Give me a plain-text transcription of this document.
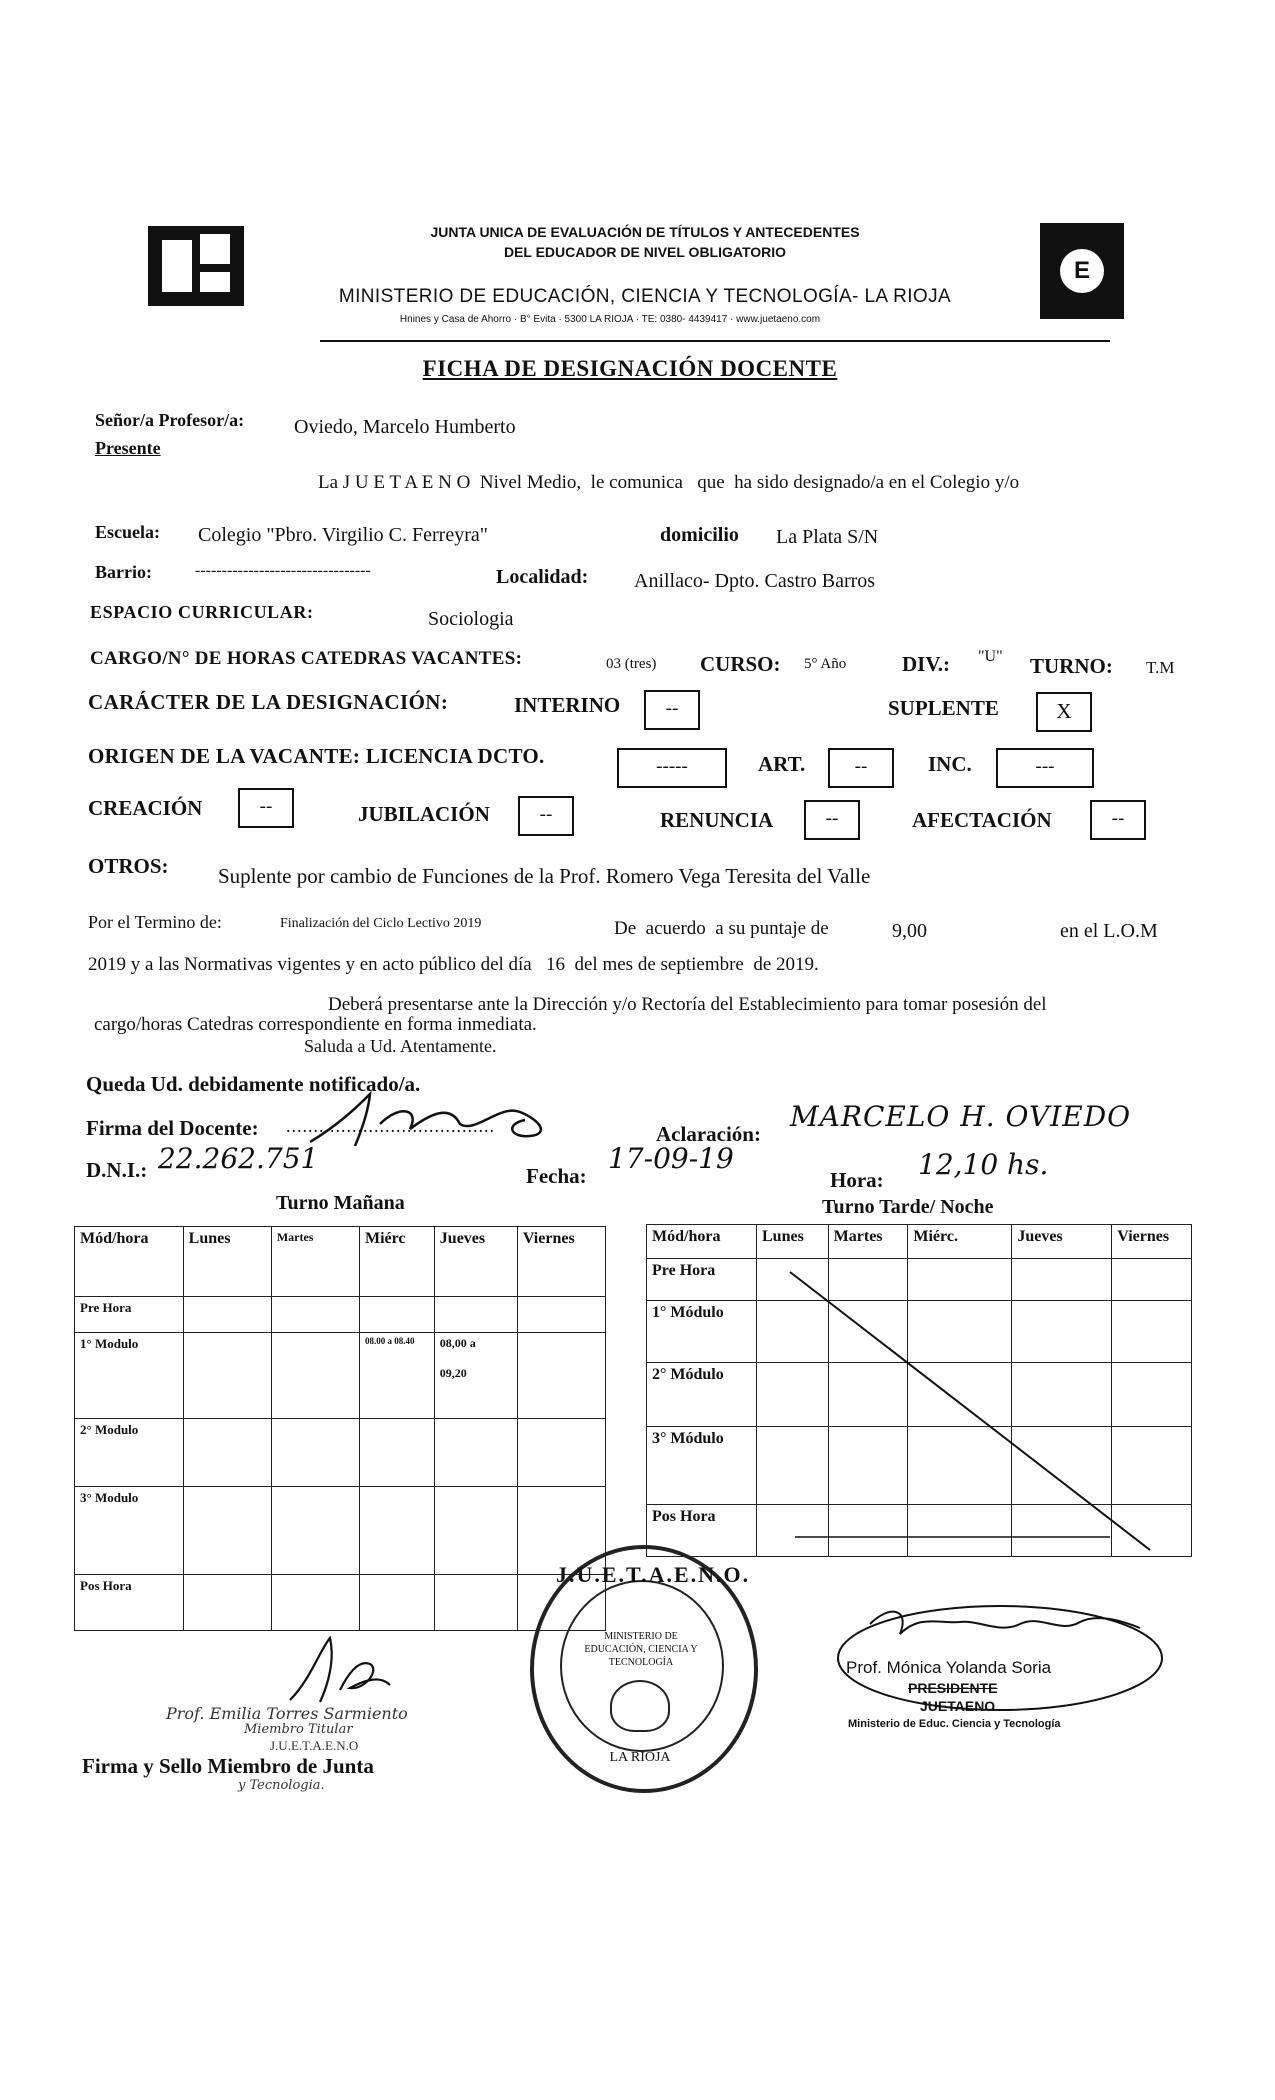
JUNTA UNICA DE EVALUACIÓN DE TÍTULOS Y ANTECEDENTES
DEL EDUCADOR DE NIVEL OBLIGATORIO
MINISTERIO DE EDUCACIÓN, CIENCIA Y TECNOLOGÍA- LA RIOJA
Hnines y Casa de Ahorro · B° Evita · 5300 LA RIOJA · TE: 0380- 4439417 · www.juetaeno.com
E
FICHA DE DESIGNACIÓN DOCENTE
Señor/a Profesor/a: Oviedo, Marcelo Humberto
Presente
La J U E T A E N O  Nivel Medio,  le comunica   que  ha sido designado/a en el Colegio y/o
Escuela: Colegio "Pbro. Virgilio C. Ferreyra"	domicilio La Plata S/N
Barrio:	---------------------------------	Localidad: Anillaco- Dpto. Castro Barros
ESPACIO CURRICULAR:	Sociologia
CARGO/N° DE HORAS CATEDRAS VACANTES:	03 (tres) CURSO: 5° Año	DIV.: "U" TURNO: T.M
CARÁCTER DE LA DESIGNACIÓN:	INTERINO	--	SUPLENTE	X
ORIGEN DE LA VACANTE: LICENCIA DCTO.	-----	ART.	--	INC.	---
CREACIÓN	--	JUBILACIÓN	--	RENUNCIA	--	AFECTACIÓN	--
OTROS: Suplente por cambio de Funciones de la Prof. Romero Vega Teresita del Valle
Por el Termino de:	Finalización del Ciclo Lectivo 2019	De  acuerdo  a su puntaje de	9,00	en el L.O.M
2019 y a las Normativas vigentes y en acto público del día   16  del mes de septiembre  de 2019.
Deberá presentarse ante la Dirección y/o Rectoría del Establecimiento para tomar posesión del
cargo/horas Catedras correspondiente en forma inmediata.
Saluda a Ud. Atentamente.
Queda Ud. debidamente notificado/a.
Firma del Docente: ......................................	Aclaración:
MARCELO H. OVIEDO
D.N.I.: 22.262.751
Fecha:
17-09-19
Hora: 12,10 hs.
Turno Mañana
Mód/hora	Lunes	Martes	Miérc	Jueves	Viernes
Pre Hora					
1° Modulo			08.00 a 08.40	08,00 a

09,20	
2° Modulo					
3° Modulo					
Pos Hora					
Turno Tarde/ Noche
Mód/hora	Lunes	Martes	Miérc.	Jueves	Viernes
Pre Hora					
1° Módulo					
2° Módulo					
3° Módulo					
Pos Hora					
Prof. Emilia Torres Sarmiento
Miembro Titular
J.U.E.T.A.E.N.O
Firma y Sello Miembro de Junta
y Tecnologia.
J.U.E.T.A.E.N.O.
MINISTERIO DE EDUCACIÓN, CIENCIA Y TECNOLOGÍA
LA RIOJA
Prof. Mónica Yolanda Soria
PRESIDENTE
JUETAENO
Ministerio de Educ. Ciencia y Tecnología
